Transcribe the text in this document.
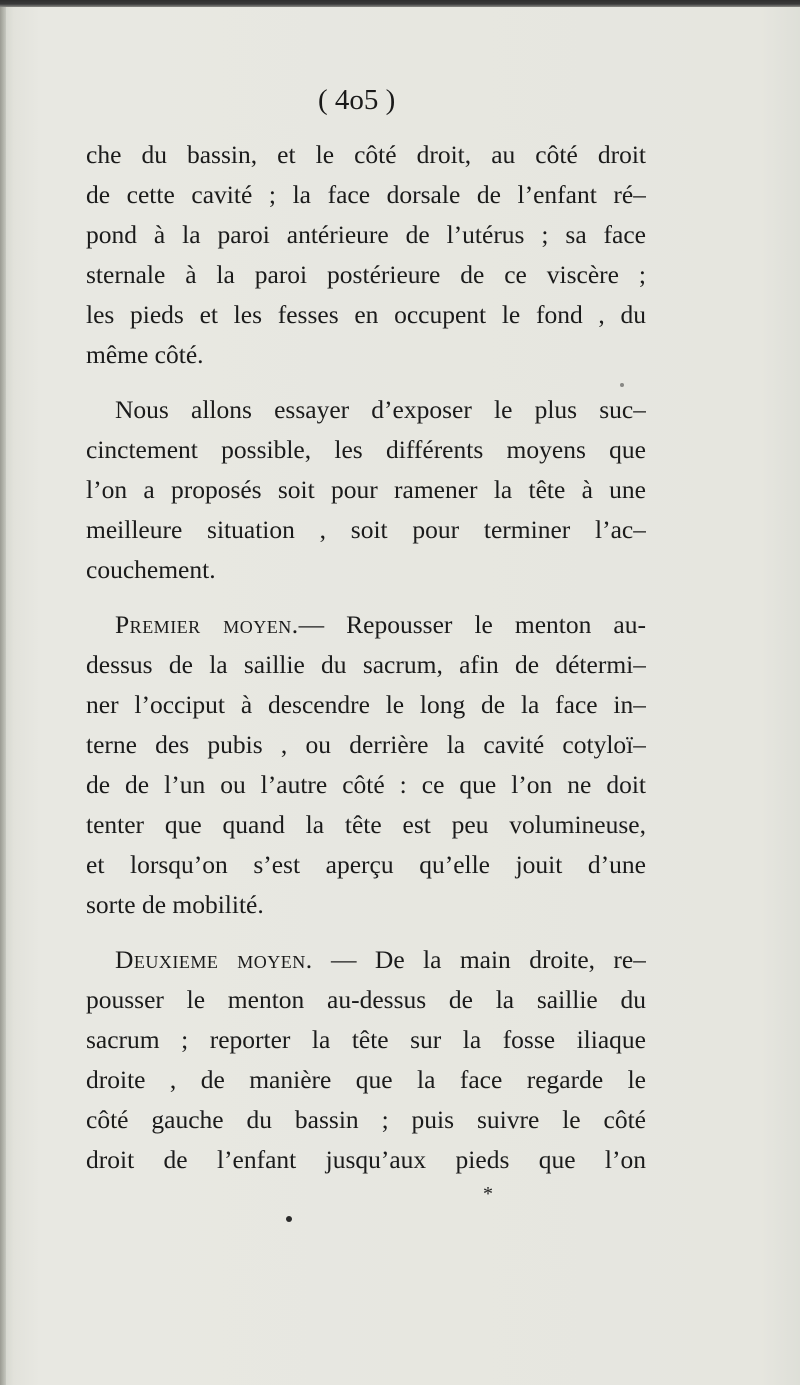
( 4o5 )
che du bassin, et le côté droit, au côté droit
de cette cavité ; la face dorsale de l’enfant ré–
pond à la paroi antérieure de l’utérus ; sa face
sternale à la paroi postérieure de ce viscère ;
les pieds et les fesses en occupent le fond , du
même côté.
Nous allons essayer d’exposer le plus suc–
cinctement possible, les différents moyens que
l’on a proposés soit pour ramener la tête à une
meilleure situation , soit pour terminer l’ac–
couchement.
Premier moyen.— Repousser le menton au-
dessus de la saillie du sacrum, afin de détermi–
ner l’occiput à descendre le long de la face in–
terne des pubis , ou derrière la cavité cotyloï–
de de l’un ou l’autre côté : ce que l’on ne doit
tenter que quand la tête est peu volumineuse,
et lorsqu’on s’est aperçu qu’elle jouit d’une
sorte de mobilité.
Deuxieme moyen. — De la main droite, re–
pousser le menton au-dessus de la saillie du
sacrum ; reporter la tête sur la fosse iliaque
droite , de manière que la face regarde le
côté gauche du bassin ; puis suivre le côté
droit de l’enfant jusqu’aux pieds que l’on
*
